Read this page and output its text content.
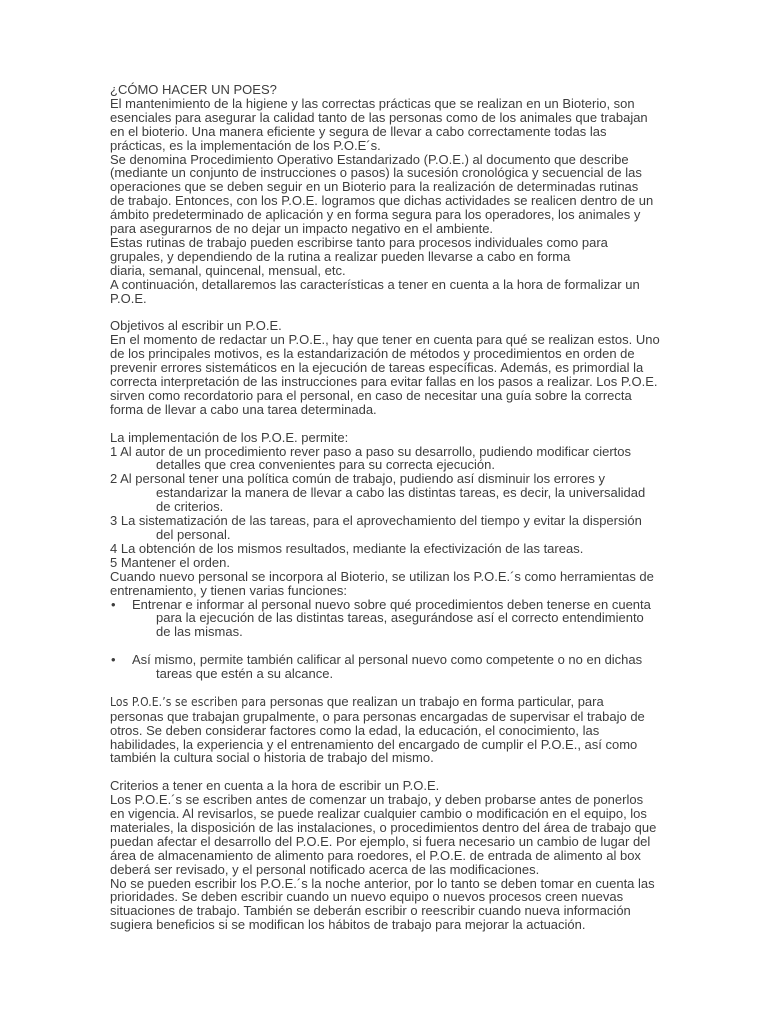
¿CÓMO HACER UN POES?
El mantenimiento de la higiene y las correctas prácticas que se realizan en un Bioterio, son
esenciales para asegurar la calidad tanto de las personas como de los animales que trabajan
en el bioterio. Una manera eficiente y segura de llevar a cabo correctamente todas las
prácticas, es la implementación de los P.O.E´s.
Se denomina Procedimiento Operativo Estandarizado (P.O.E.) al documento que describe
(mediante un conjunto de instrucciones o pasos) la sucesión cronológica y secuencial de las
operaciones que se deben seguir en un Bioterio para la realización de determinadas rutinas
de trabajo. Entonces, con los P.O.E. logramos que dichas actividades se realicen dentro de un
ámbito predeterminado de aplicación y en forma segura para los operadores, los animales y
para asegurarnos de no dejar un impacto negativo en el ambiente.
Estas rutinas de trabajo pueden escribirse tanto para procesos individuales como para
grupales, y dependiendo de la rutina a realizar pueden llevarse a cabo en forma
diaria, semanal, quincenal, mensual, etc.
A continuación, detallaremos las características a tener en cuenta a la hora de formalizar un
P.O.E.
Objetivos al escribir un P.O.E.
En el momento de redactar un P.O.E., hay que tener en cuenta para qué se realizan estos. Uno
de los principales motivos, es la estandarización de métodos y procedimientos en orden de
prevenir errores sistemáticos en la ejecución de tareas específicas. Además, es primordial la
correcta interpretación de las instrucciones para evitar fallas en los pasos a realizar. Los P.O.E.
sirven como recordatorio para el personal, en caso de necesitar una guía sobre la correcta
forma de llevar a cabo una tarea determinada.
La implementación de los P.O.E. permite:
1 Al autor de un procedimiento rever paso a paso su desarrollo, pudiendo modificar ciertos
detalles que crea convenientes para su correcta ejecución.
2 Al personal tener una política común de trabajo, pudiendo así disminuir los errores y
estandarizar la manera de llevar a cabo las distintas tareas, es decir, la universalidad
de criterios.
3 La sistematización de las tareas, para el aprovechamiento del tiempo y evitar la dispersión
del personal.
4 La obtención de los mismos resultados, mediante la efectivización de las tareas.
5 Mantener el orden.
Cuando nuevo personal se incorpora al Bioterio, se utilizan los P.O.E.´s como herramientas de
entrenamiento, y tienen varias funciones:
•	Entrenar e informar al personal nuevo sobre qué procedimientos deben tenerse en cuenta
para la ejecución de las distintas tareas, asegurándose así el correcto entendimiento
de las mismas.
•	Así mismo, permite también calificar al personal nuevo como competente o no en dichas
tareas que estén a su alcance.
Los P.O.E.’s se escriben para personas que realizan un trabajo en forma particular, para
personas que trabajan grupalmente, o para personas encargadas de supervisar el trabajo de
otros. Se deben considerar factores como la edad, la educación, el conocimiento, las
habilidades, la experiencia y el entrenamiento del encargado de cumplir el P.O.E., así como
también la cultura social o historia de trabajo del mismo.
Criterios a tener en cuenta a la hora de escribir un P.O.E.
Los P.O.E.´s se escriben antes de comenzar un trabajo, y deben probarse antes de ponerlos
en vigencia. Al revisarlos, se puede realizar cualquier cambio o modificación en el equipo, los
materiales, la disposición de las instalaciones, o procedimientos dentro del área de trabajo que
puedan afectar el desarrollo del P.O.E. Por ejemplo, si fuera necesario un cambio de lugar del
área de almacenamiento de alimento para roedores, el P.O.E. de entrada de alimento al box
deberá ser revisado, y el personal notificado acerca de las modificaciones.
No se pueden escribir los P.O.E.´s la noche anterior, por lo tanto se deben tomar en cuenta las
prioridades. Se deben escribir cuando un nuevo equipo o nuevos procesos creen nuevas
situaciones de trabajo. También se deberán escribir o reescribir cuando nueva información
sugiera beneficios si se modifican los hábitos de trabajo para mejorar la actuación.
